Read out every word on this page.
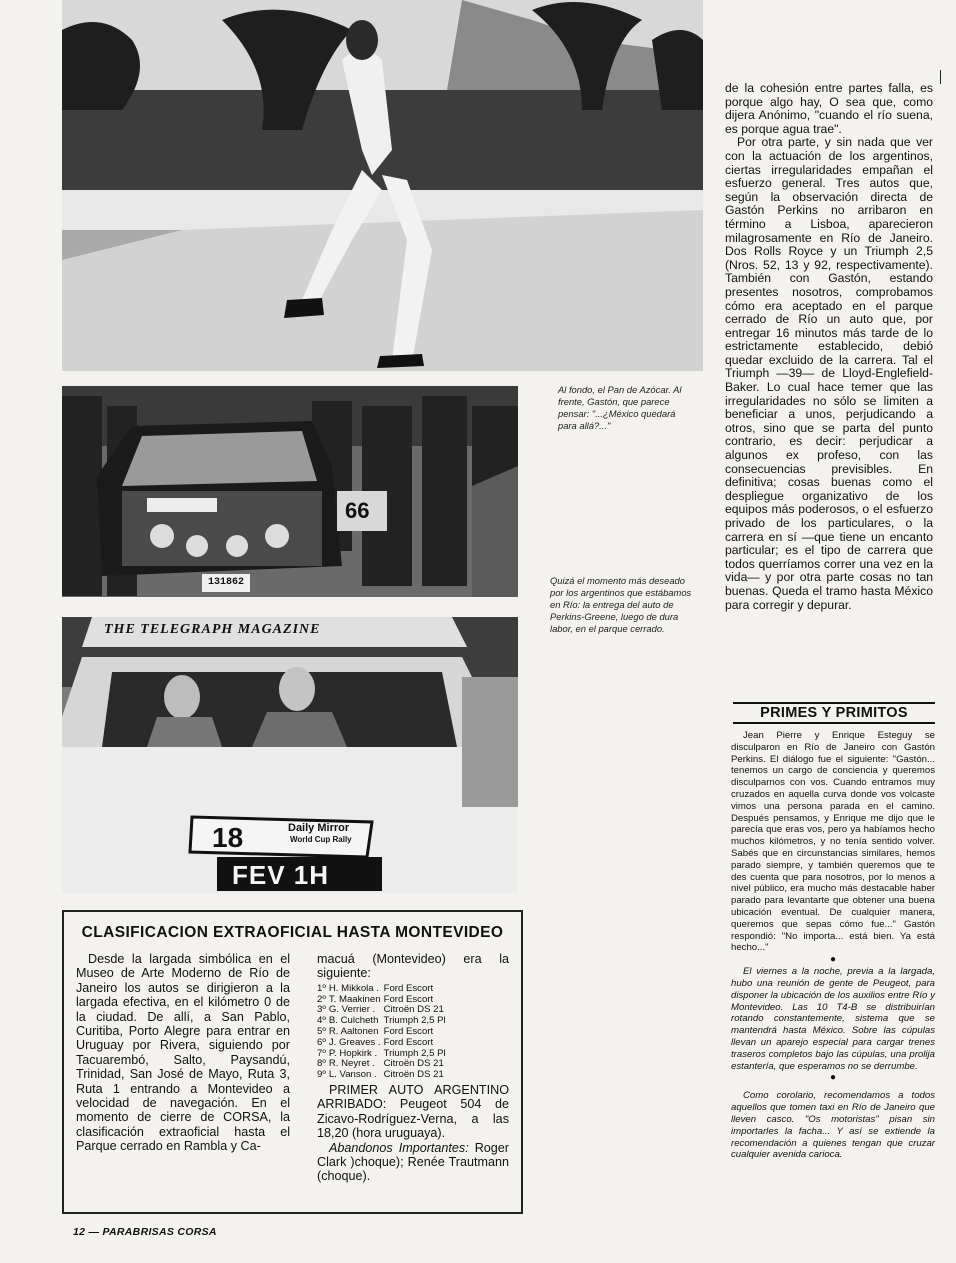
66
131862
THE TELEGRAPH MAGAZINE
18	Daily Mirror
World Cup Rally
FEV 1H
Al fondo, el Pan de Azócar. Al frente, Gastón, que parece pensar: "...¿México quedará para allá?..."
Quizá el momento más deseado por los argentinos que estábamos en Río: la entrega del auto de Perkins-Greene, luego de dura labor, en el parque cerrado.

de la cohesión entre partes falla, es porque algo hay, O sea que, como dijera Anónimo, "cuando el río suena, es porque agua trae".

Por otra parte, y sin nada que ver con la actuación de los argentinos, ciertas irregularidades empañan el esfuerzo general. Tres autos que, según la observación directa de Gastón Perkins no arribaron en término a Lisboa, aparecieron milagrosamente en Río de Janeiro. Dos Rolls Royce y un Triumph 2,5 (Nros. 52, 13 y 92, respectivamente). También con Gastón, estando presentes nosotros, comprobamos cómo era aceptado en el parque cerrado de Río un auto que, por entregar 16 minutos más tarde de lo estrictamente establecido, debió quedar excluido de la carrera. Tal el Triumph —39— de Lloyd-Englefield-Baker. Lo cual hace temer que las irregularidades no sólo se limiten a beneficiar a unos, perjudicando a otros, sino que se parta del punto contrario, es decir: perjudicar a algunos ex profeso, con las consecuencias previsibles. En definitiva; cosas buenas como el despliegue organizativo de los equipos más poderosos, o el esfuerzo privado de los particulares, o la carrera en sí —que tiene un encanto particular; es el tipo de carrera que todos querríamos correr una vez en la vida— y por otra parte cosas no tan buenas. Queda el tramo hasta México para corregir y depurar.

PRIMES Y PRIMITOS

Jean Pierre y Enrique Esteguy se disculparon en Río de Janeiro con Gastón Perkins. El diálogo fue el siguiente: "Gastón... tenemos un cargo de conciencia y queremos disculparnos con vos. Cuando entramos muy cruzados en aquella curva donde vos volcaste vimos una persona parada en el camino. Después pensamos, y Enrique me dijo que le parecía que eras vos, pero ya habíamos hecho muchos kilómetros, y no tenía sentido volver. Sabés que en circunstancias similares, hemos parado siempre, y también queremos que te des cuenta que para nosotros, por lo menos a nivel público, era mucho más destacable haber parado para levantarte que obtener una buena ubicación eventual. De cualquier manera, queremos que sepas cómo fue..." Gastón respondió: "No importa... está bien. Ya está hecho..."

●

El viernes a la noche, previa a la largada, hubo una reunión de gente de Peugeot, para disponer la ubicación de los auxilios entre Río y Montevideo. Las 10 T4-B se distribuirían rotando constantemente, sistema que se mantendrá hasta México. Sobre las cúpulas llevan un aparejo especial para cargar trenes traseros completos bajo las cúpulas, una prolija estantería, que esperamos no se derrumbe.

●

Como corolario, recomendamos a todos aquellos que tomen taxi en Río de Janeiro que lleven casco. "Os motoristas" pisan sin importarles la facha... Y así se extiende la recomendación a quienes tengan que cruzar cualquier avenida carioca.

CLASIFICACION EXTRAOFICIAL HASTA MONTEVIDEO

Desde la largada simbólica en el Museo de Arte Moderno de Río de Janeiro los autos se dirigieron a la largada efectiva, en el kilómetro 0 de la ciudad. De allí, a San Pablo, Curitiba, Porto Alegre para entrar en Uruguay por Rivera, siguiendo por Tacuarembó, Salto, Paysandú, Trinidad, San José de Mayo, Ruta 3, Ruta 1 entrando a Montevideo a velocidad de navegación. En el momento de cierre de CORSA, la clasificación extraoficial hasta el Parque cerrado en Rambla y Ca-

macuá (Montevideo) era la siguiente:

1º	H. Mikkola .	Ford Escort
2º	T. Maakinen	Ford Escort
3º	G. Verrier .	Citroën DS 21
4º	B. Culcheth	Triumph 2,5 Pl
5º	R. Aaltonen	Ford Escort
6º	J. Greaves .	Ford Escort
7º	P. Hopkirk .	Triumph 2,5 Pl
8º	R. Neyret .	Citroën DS 21
9º	L. Vanson .	Citroën DS 21

PRIMER AUTO ARGENTINO ARRIBADO: Peugeot 504 de Zicavo-Rodríguez-Verna, a las 18,20 (hora uruguaya).

Abandonos Importantes: Roger Clark )choque); Renée Trautmann (choque).

12 — PARABRISAS CORSA
